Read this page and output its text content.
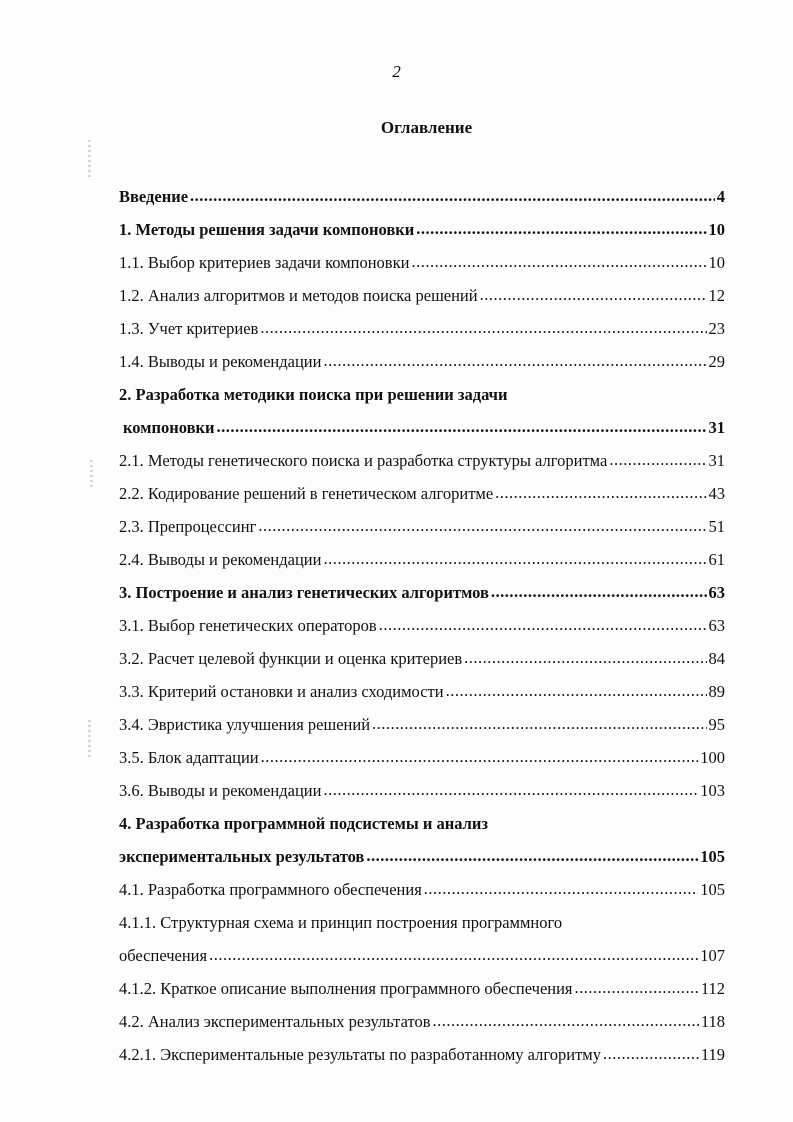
2
Оглавление
Введение .....	4
1. Методы решения задачи компоновки .....	10
1.1. Выбор критериев задачи компоновки .....	10
1.2. Анализ алгоритмов и методов поиска решений .....	12
1.3. Учет критериев .....	23
1.4. Выводы и рекомендации .....	29
2. Разработка методики поиска при решении задачи
компоновки .....	31
2.1. Методы генетического поиска и разработка структуры алгоритма .....	31
2.2. Кодирование решений в генетическом алгоритме .....	43
2.3. Препроцессинг .....	51
2.4. Выводы и рекомендации .....	61
3. Построение и анализ генетических алгоритмов .....	63
3.1. Выбор генетических операторов .....	63
3.2. Расчет целевой функции и оценка критериев .....	84
3.3. Критерий остановки и анализ сходимости .....	89
3.4. Эвристика улучшения решений .....	95
3.5. Блок адаптации .....	100
3.6. Выводы и рекомендации .....	103
4. Разработка программной подсистемы и анализ
экспериментальных результатов .....	105
4.1. Разработка программного обеспечения .....	105
4.1.1. Структурная схема и принцип построения программного
обеспечения .....	107
4.1.2. Краткое описание выполнения программного обеспечения .....	112
4.2. Анализ экспериментальных результатов .....	118
4.2.1. Экспериментальные результаты по разработанному алгоритму .....	119
